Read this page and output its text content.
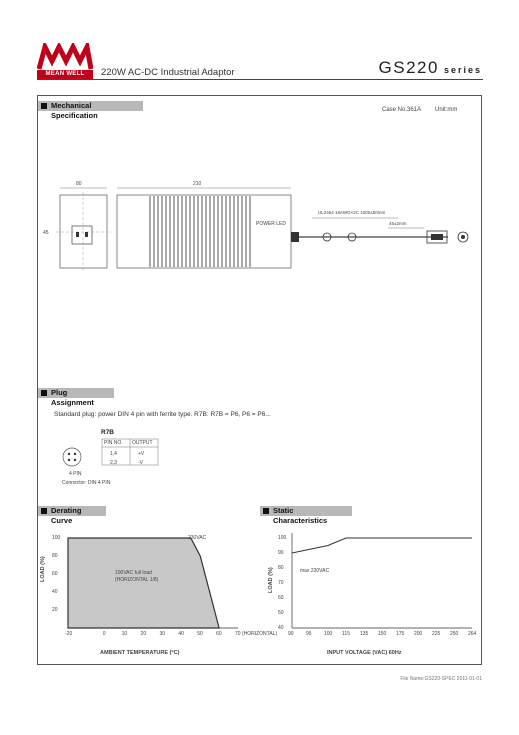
MEAN WELL	220W AC-DC Industrial Adaptor	GS220 series
Mechanical Specification
Case No.361A Unit:mm
80	210
45
POWER LED
UL2464 18AWG×2C 1000±50mm
45±2mm
Plug Assignment
Standard plug: power DIN 4 pin with ferrite type. R7B: R7B = P6, P6 = P6...
R7B
PIN NO. OUTPUT
1,4	+V
2,3	-V
4 PIN
Connector: DIN 4 PIN
Derating Curve
230VAC
100VAC full load
(HORIZONTAL 1/8)
AMBIENT TEMPERATURE (°C)
LOAD (%)
Static Characteristics
max 230VAC
INPUT VOLTAGE (VAC) 60Hz
LOAD (%)
-20	0	10	20	30	40	50	60	70 (HORIZONTAL)
100
80
60
40
20
90 95 100 115 135 150 175 200 225 250 264
100
90
80
70
60
50
40
File Name:GS220-SPEC 2011-01-01
